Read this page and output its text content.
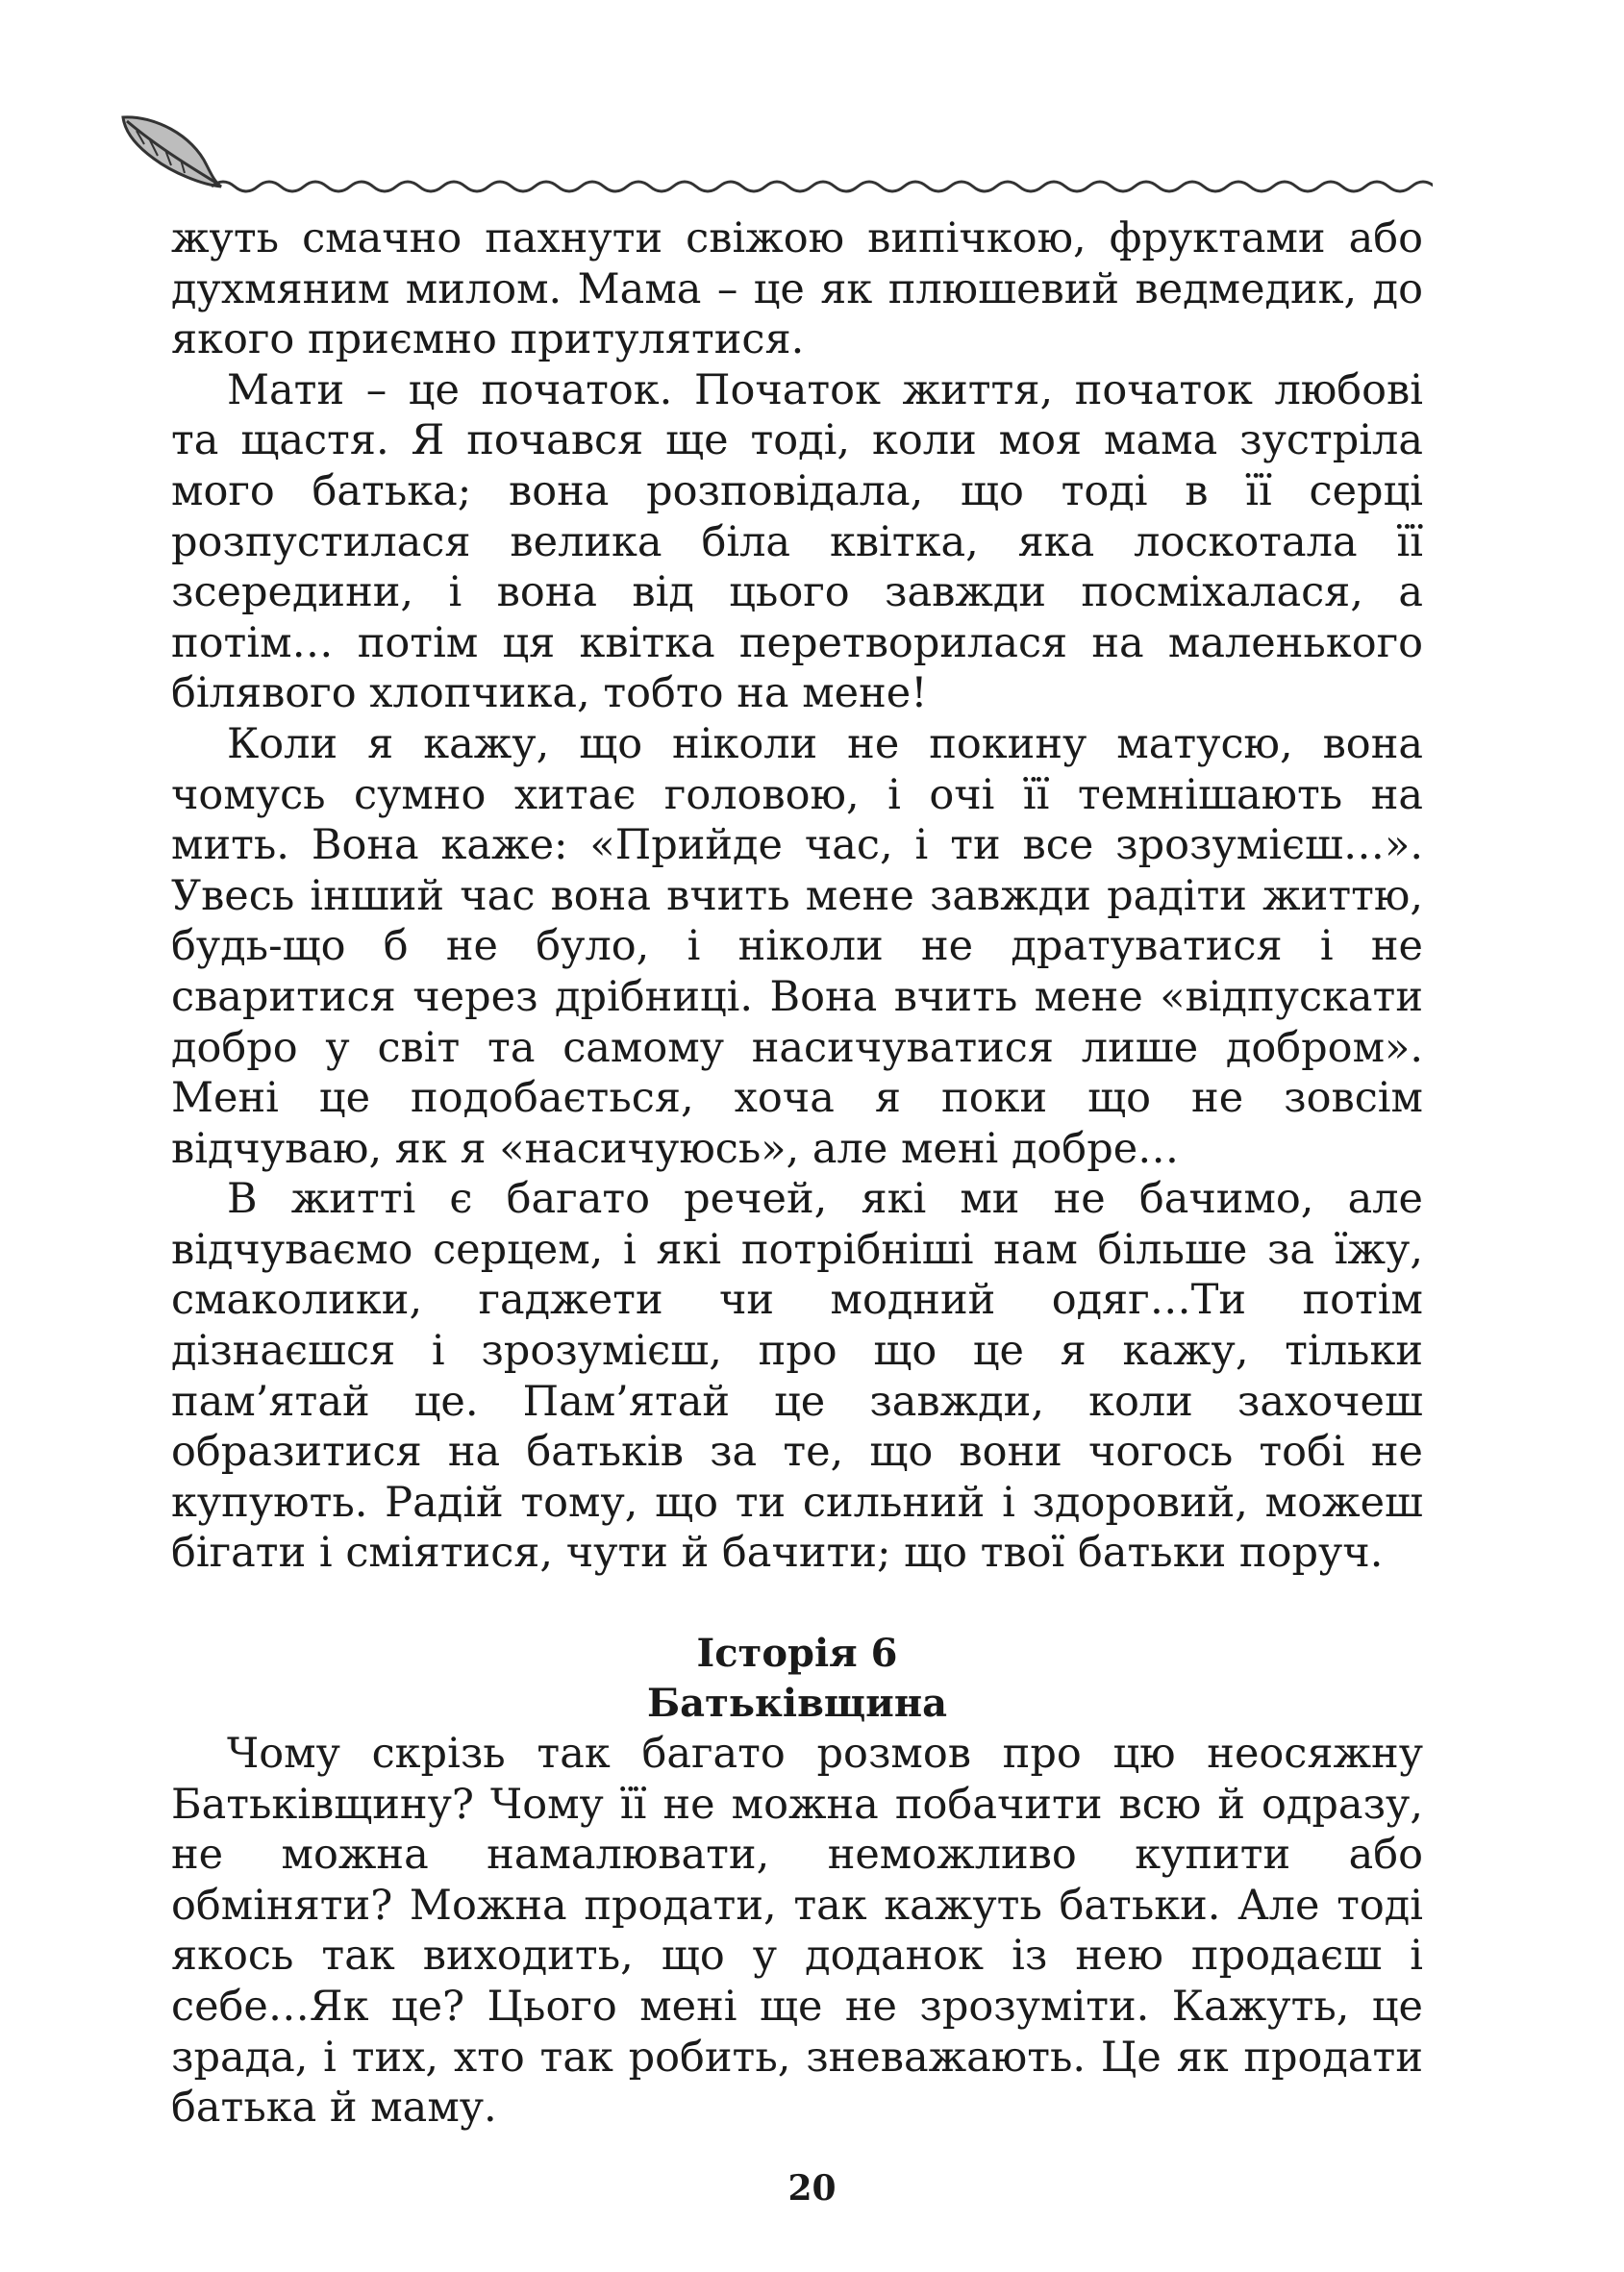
жуть смачно пахнути свіжою випічкою, фруктами або духмяним милом. Мама – це як плюшевий ведмедик, до якого приємно притулятися.

Мати – це початок. Початок життя, початок любові та щастя. Я почався ще тоді, коли моя мама зустріла мого батька; вона розповідала, що тоді в її серці розпустилася велика біла квітка, яка лоскотала її зсередини, і вона від цього завжди посміхалася, а потім… потім ця квітка перетворилася на маленького білявого хлопчика, тобто на мене!

Коли я кажу, що ніколи не покину матусю, вона чомусь сумно хитає головою, і очі її темнішають на мить. Вона каже: «Прийде час, і ти все зрозумієш…». Увесь інший час вона вчить мене завжди радіти життю, будь-що б не було, і ніколи не дратуватися і не сваритися через дрібниці. Вона вчить мене «відпускати добро у світ та самому насичуватися лише добром». Мені це подобається, хоча я поки що не зовсім відчуваю, як я «насичуюсь», але мені добре…

В житті є багато речей, які ми не бачимо, але відчуваємо серцем, і які потрібніші нам більше за їжу, смаколики, гаджети чи модний одяг…Ти потім дізнаєшся і зрозумієш, про що це я кажу, тільки пам’ятай це. Пам’ятай це завжди, коли захочеш образитися на батьків за те, що вони чогось тобі не купують. Радій тому, що ти сильний і здоровий, можеш бігати і сміятися, чути й бачити; що твої батьки поруч.

Історія 6
Батьківщина

Чому скрізь так багато розмов про цю неосяжну Батьківщину? Чому її не можна побачити всю й одразу, не можна намалювати, неможливо купити або обміняти? Можна продати, так кажуть батьки. Але тоді якось так виходить, що у доданок із нею продаєш і себе…Як це? Цього мені ще не зрозуміти. Кажуть, це зрада, і тих, хто так робить, зневажають. Це як продати батька й маму.

20
